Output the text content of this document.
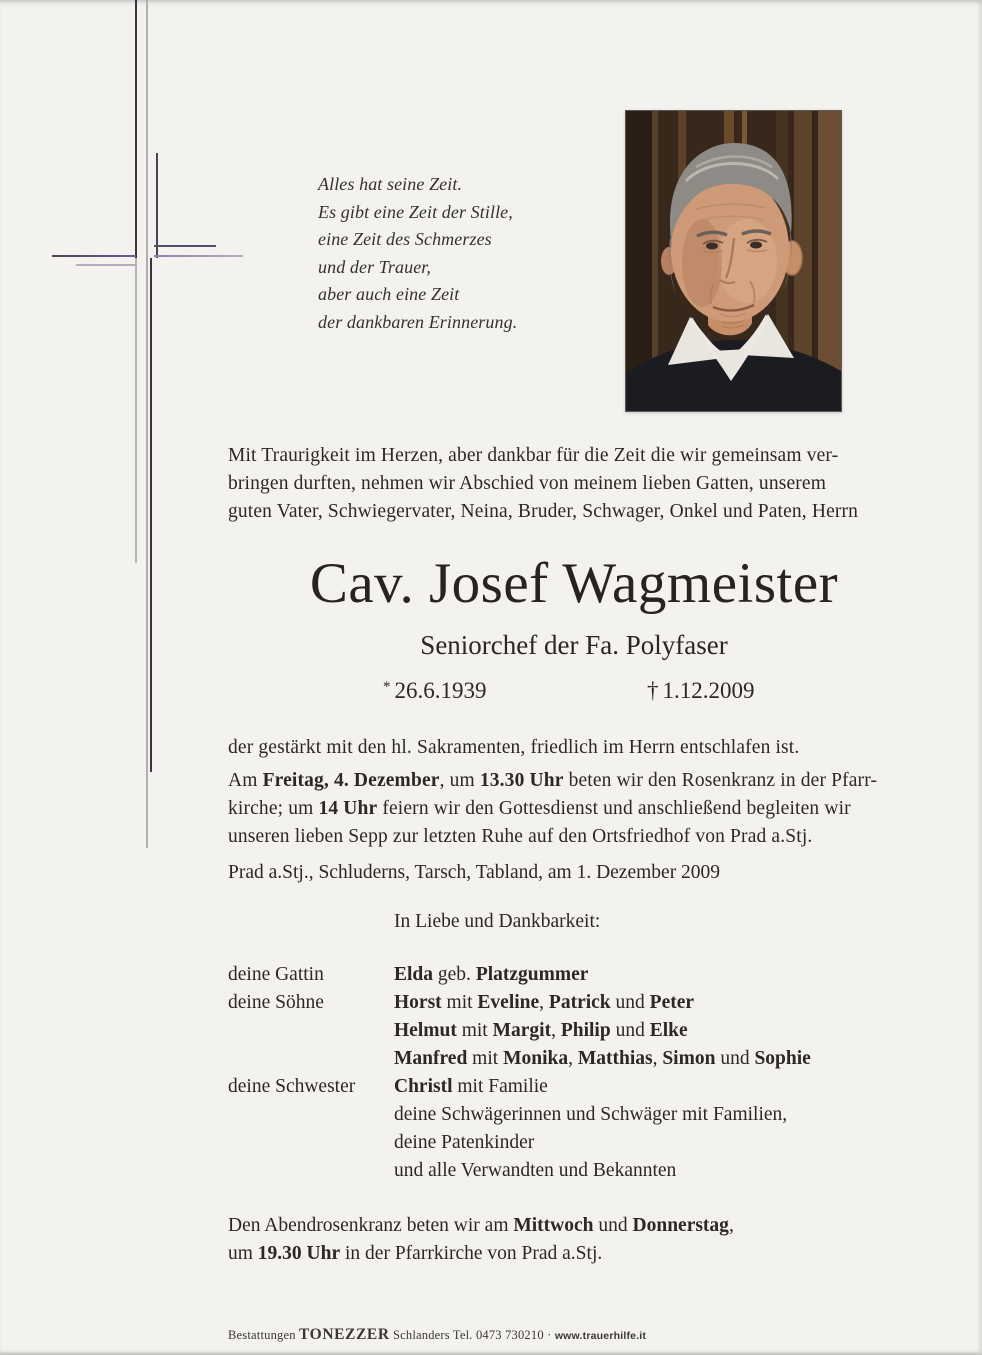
Alles hat seine Zeit.
Es gibt eine Zeit der Stille,
eine Zeit des Schmerzes
und der Trauer,
aber auch eine Zeit
der dankbaren Erinnerung.
Mit Traurigkeit im Herzen, aber dankbar für die Zeit die wir gemeinsam ver-
bringen durften, nehmen wir Abschied von meinem lieben Gatten, unserem
guten Vater, Schwiegervater, Neina, Bruder, Schwager, Onkel und Paten, Herrn
Cav. Josef Wagmeister
Seniorchef der Fa. Polyfaser
* 26.6.1939	† 1.12.2009
der gestärkt mit den hl. Sakramenten, friedlich im Herrn entschlafen ist.
Am Freitag, 4. Dezember, um 13.30 Uhr beten wir den Rosenkranz in der Pfarr-
kirche; um 14 Uhr feiern wir den Gottesdienst und anschließend begleiten wir
unseren lieben Sepp zur letzten Ruhe auf den Ortsfriedhof von Prad a.Stj.
Prad a.Stj., Schluderns, Tarsch, Tabland, am 1. Dezember 2009
In Liebe und Dankbarkeit:
deine Gattin	Elda geb. Platzgummer
deine Söhne	Horst mit Eveline, Patrick und Peter
Helmut mit Margit, Philip und Elke
Manfred mit Monika, Matthias, Simon und Sophie
deine Schwester	Christl mit Familie
deine Schwägerinnen und Schwäger mit Familien,
deine Patenkinder
und alle Verwandten und Bekannten
Den Abendrosenkranz beten wir am Mittwoch und Donnerstag,
um 19.30 Uhr in der Pfarrkirche von Prad a.Stj.
Bestattungen TONEZZER Schlanders Tel. 0473 730210 · www.trauerhilfe.it
